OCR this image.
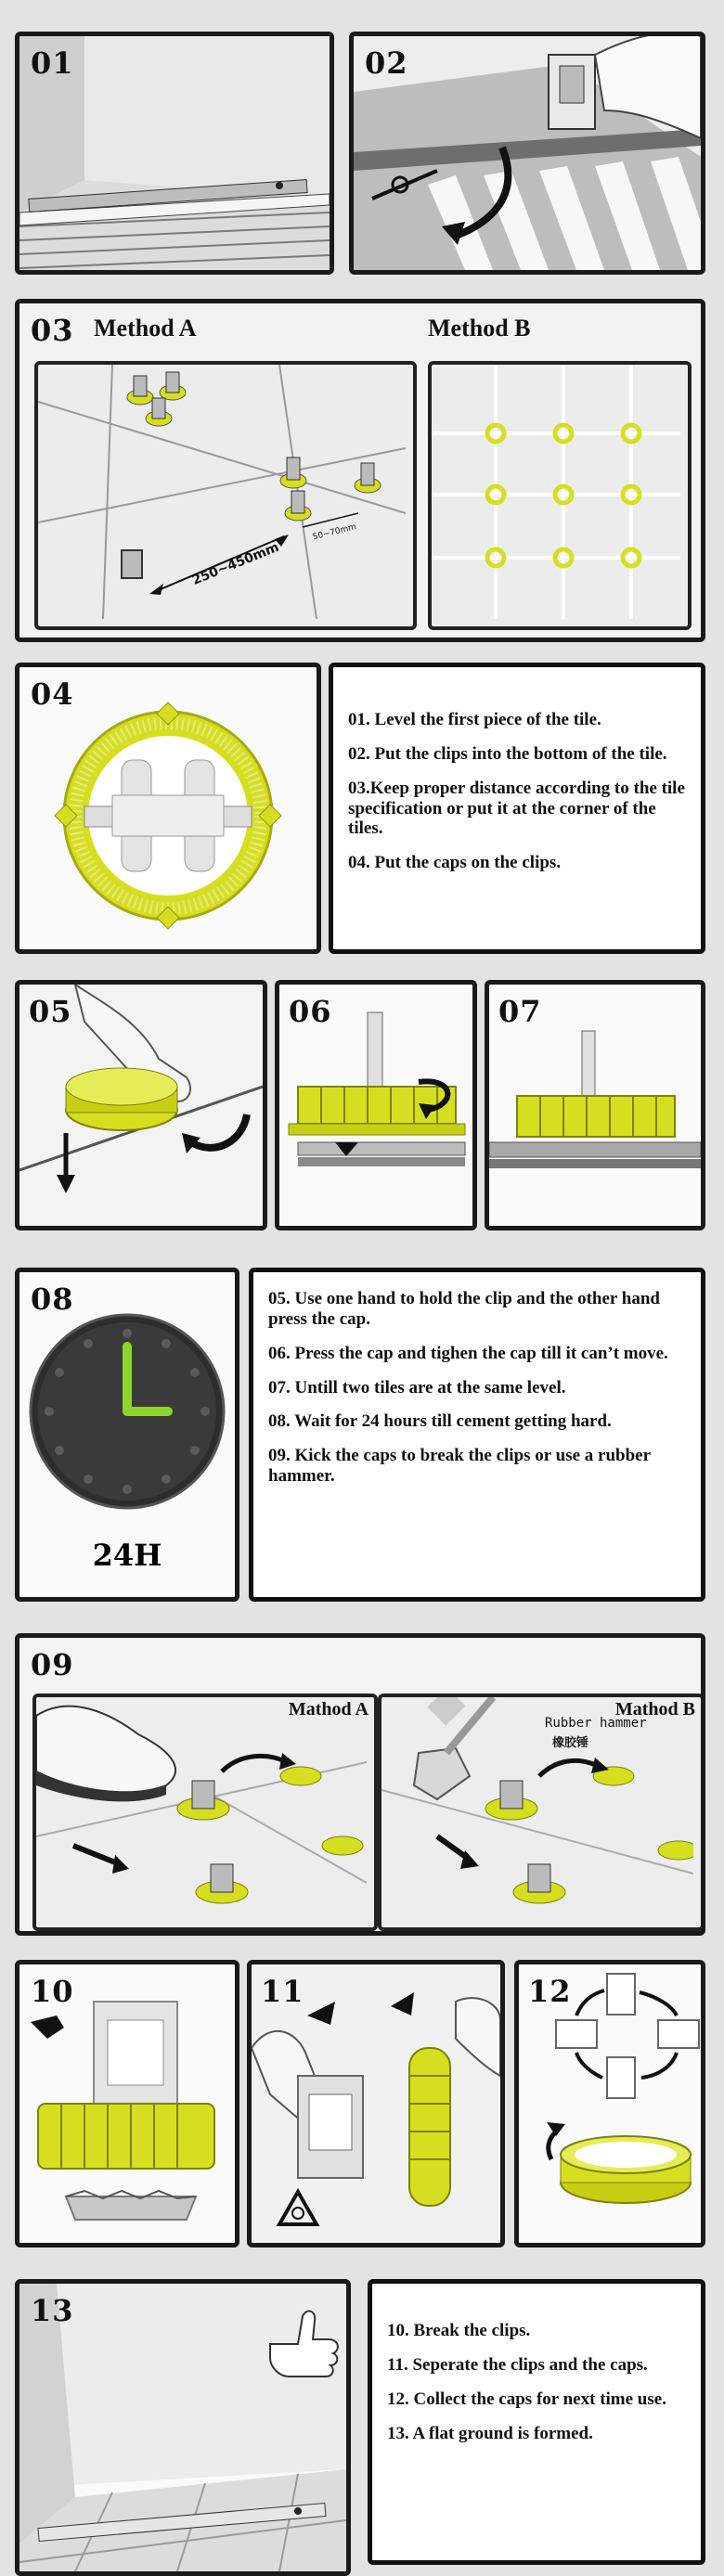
01	02
03 Method A	Method B
250~450mm
50~70mm
04

01. Level the first piece of the tile.

02. Put the clips into the bottom of the tile.

03.Keep proper distance according to the tile specification or put it at the corner of the tiles.

04. Put the caps on the clips.

05	06	07
08
24H

05. Use one hand to hold the clip and the other hand press the cap.

06. Press the cap and tighen the cap till it can’t move.

07. Untill two tiles are at the same level.

08. Wait for 24 hours till cement getting hard.

09. Kick the caps to break the clips or use a rubber hammer.

09
Mathod A	Mathod B
Rubber hammer
橡胶锤
10	11	12
13

10. Break the clips.

11. Seperate the clips and the caps.

12. Collect the caps for next time use.

13. A flat ground is formed.
